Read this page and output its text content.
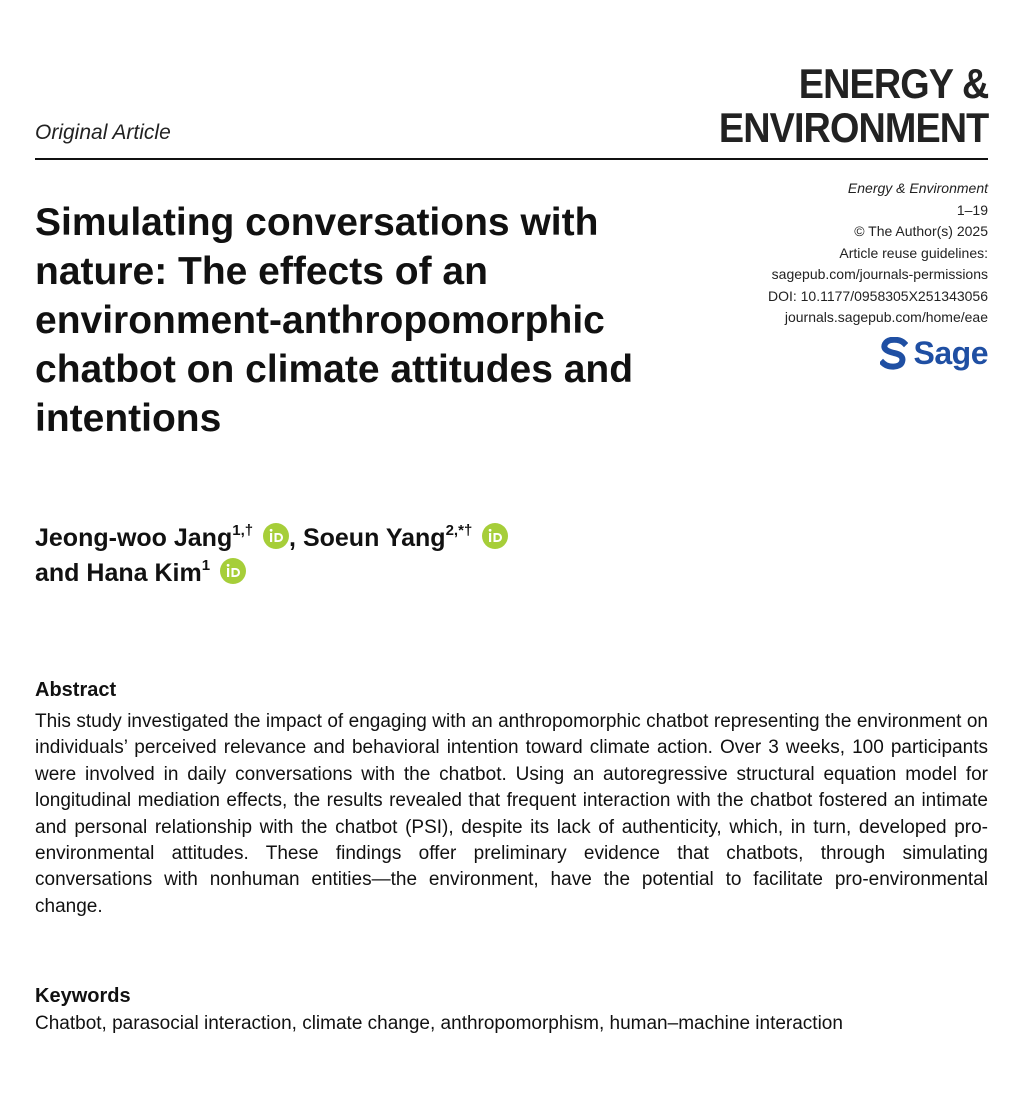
ENERGY &
ENVIRONMENT
Original Article
Simulating conversations with nature: The effects of an environment-anthropomorphic chatbot on climate attitudes and intentions
Energy & Environment
1–19
© The Author(s) 2025
Article reuse guidelines:
sagepub.com/journals-permissions
DOI: 10.1177/0958305X251343056
journals.sagepub.com/home/eae
Sage
Jeong-woo Jang$^{1,\dagger}$ , Soeun Yang$^{2,*\dagger}$
and Hana Kim$^1$
Abstract
This study investigated the impact of engaging with an anthropomorphic chatbot representing the environment on individuals’ perceived relevance and behavioral intention toward climate action. Over 3 weeks, 100 participants were involved in daily conversations with the chatbot. Using an autoregressive structural equation model for longitudinal mediation effects, the results revealed that frequent interaction with the chatbot fostered an intimate and personal relationship with the chatbot (PSI), despite its lack of authenticity, which, in turn, developed pro-environmental attitudes. These findings offer preliminary evidence that chatbots, through simulating conversations with nonhuman entities—the environment, have the potential to facilitate pro-environmental change.
Keywords
Chatbot, parasocial interaction, climate change, anthropomorphism, human–machine interaction
